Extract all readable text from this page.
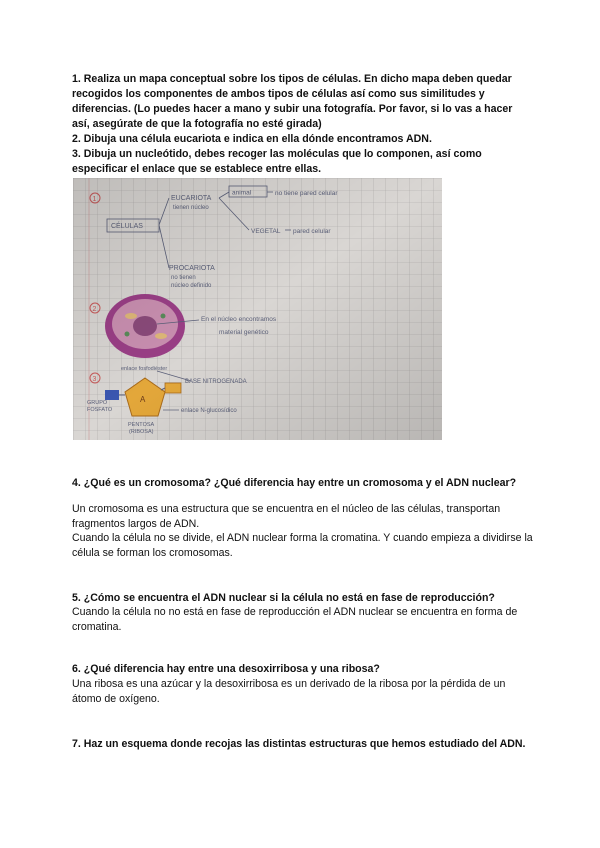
1. Realiza un mapa conceptual sobre los tipos de células. En dicho mapa deben quedar recogidos los componentes de ambos tipos de células así como sus similitudes y diferencias. (Lo puedes hacer a mano y subir una fotografía. Por favor, si lo vas a hacer así, asegúrate de que la fotografía no esté girada)
2. Dibuja una célula eucariota e indica en ella dónde encontramos ADN.
3. Dibuja un nucleótido, debes recoger las moléculas que lo componen, así como especificar el enlace que se establece entre ellas.

4. ¿Qué es un cromosoma? ¿Qué diferencia hay entre un cromosoma y el ADN nuclear?

Un cromosoma es una estructura que se encuentra en el núcleo de las células, transportan fragmentos largos de ADN.

Cuando la célula no se divide, el ADN nuclear forma la cromatina. Y cuando empieza a dividirse la célula se forman los cromosomas.

5. ¿Cómo se encuentra el ADN nuclear si la célula no está en fase de reproducción?

Cuando la célula no no está en fase de reproducción el ADN nuclear se encuentra en forma de cromatina.

6. ¿Qué diferencia hay entre una desoxirribosa y una ribosa?

Una ribosa es una azúcar y la desoxirribosa es un derivado de la ribosa por la pérdida de un átomo de oxígeno.

7. Haz un esquema donde recojas las distintas estructuras que hemos estudiado del ADN.
